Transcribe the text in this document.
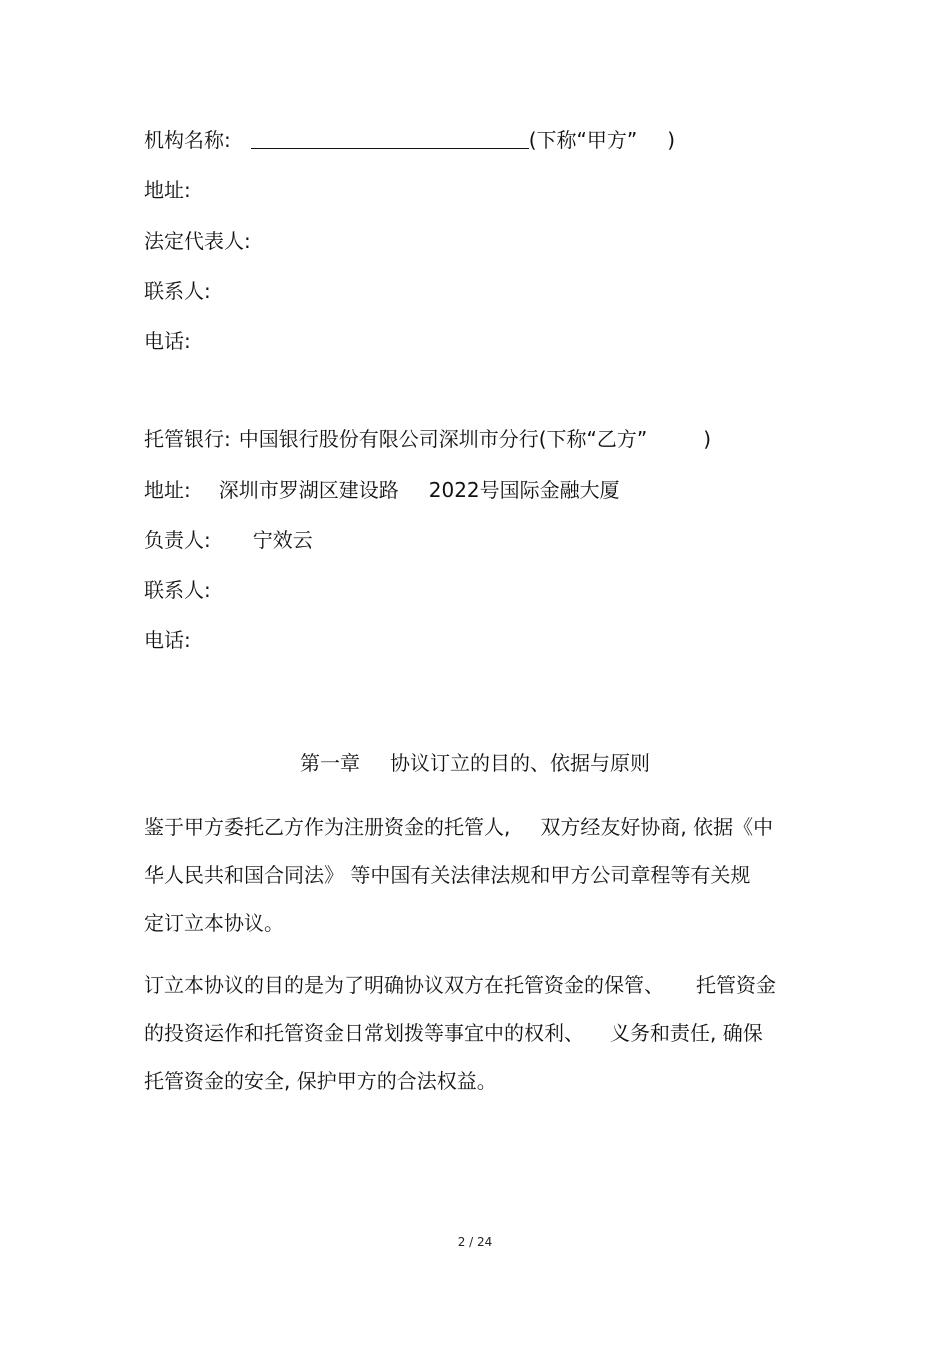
机构名称:	(下称“甲方” )
地址:
法定代表人:
联系人:
电话:
托管银行: 中国银行股份有限公司深圳市分行(下称“乙方”	)
地址: 深圳市罗湖区建设路 2022号国际金融大厦
负责人: 宁效云
联系人:
电话:
第一章 协议订立的目的、依据与原则
鉴于甲方委托乙方作为注册资金的托管人, 双方经友好协商, 依据《中
华人民共和国合同法》 等中国有关法律法规和甲方公司章程等有关规
定订立本协议。
订立本协议的目的是为了明确协议双方在托管资金的保管、 托管资金
的投资运作和托管资金日常划拨等事宜中的权利、 义务和责任, 确保
托管资金的安全, 保护甲方的合法权益。
2 / 24
